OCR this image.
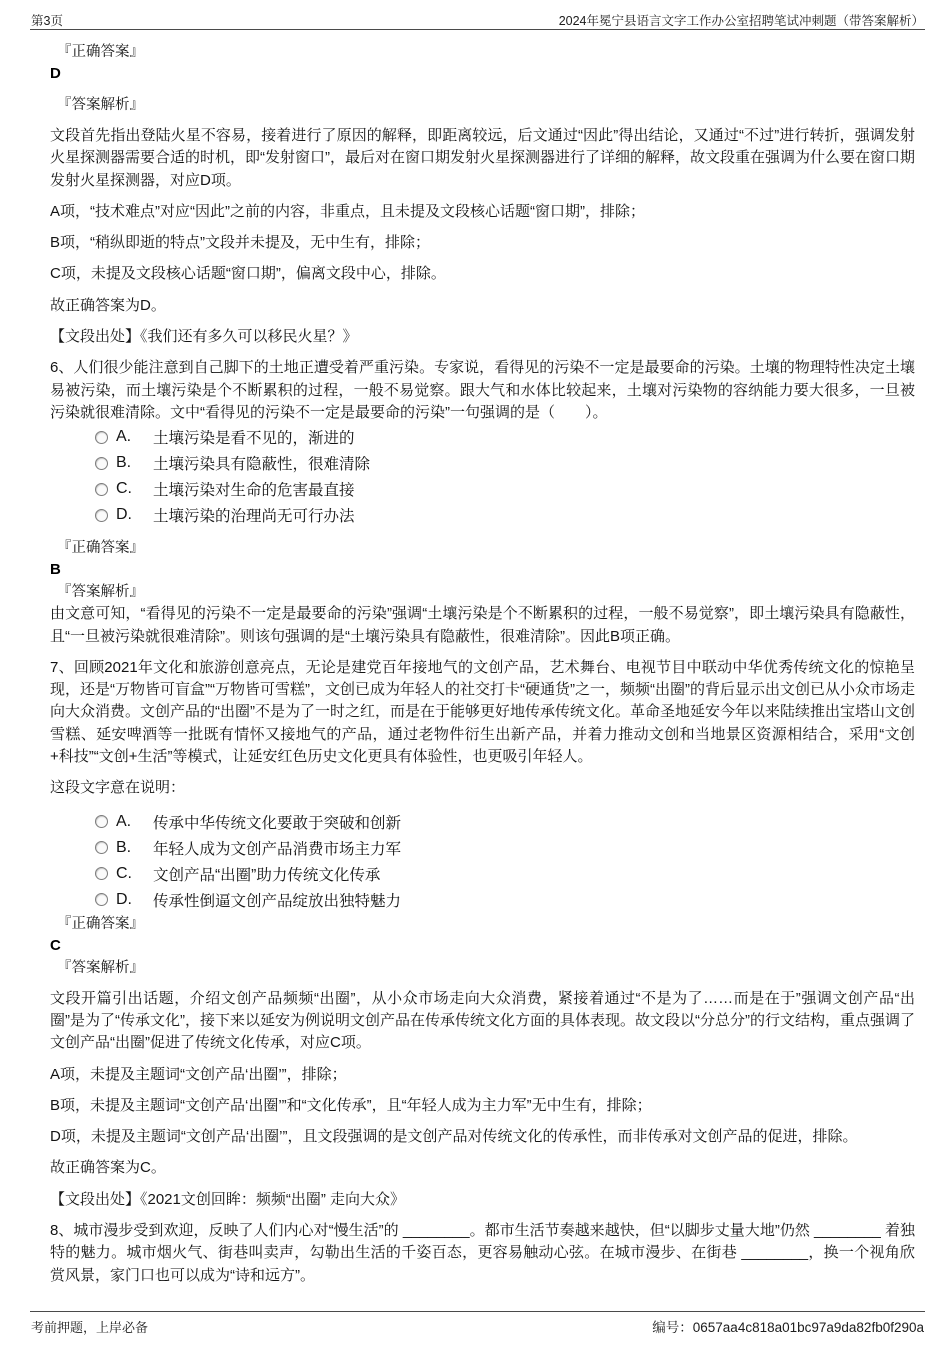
第3页	2024年冕宁县语言文字工作办公室招聘笔试冲刺题（带答案解析）
『正确答案』
D
『答案解析』
文段首先指出登陆火星不容易，接着进行了原因的解释，即距离较远，后文通过“因此”得出结论，又通过“不过”进行转折，强调发射火星探测器需要合适的时机，即“发射窗口”，最后对在窗口期发射火星探测器进行了详细的解释，故文段重在强调为什么要在窗口期发射火星探测器，对应D项。
A项，“技术难点”对应“因此”之前的内容，非重点，且未提及文段核心话题“窗口期”，排除；
B项，“稍纵即逝的特点”文段并未提及，无中生有，排除；
C项，未提及文段核心话题“窗口期”，偏离文段中心，排除。
故正确答案为D。
【文段出处】《我们还有多久可以移民火星？》
6、人们很少能注意到自己脚下的土地正遭受着严重污染。专家说，看得见的污染不一定是最要命的污染。土壤的物理特性决定土壤易被污染，而土壤污染是个不断累积的过程，一般不易觉察。跟大气和水体比较起来，土壤对污染物的容纳能力要大很多，一旦被污染就很难清除。文中“看得见的污染不一定是最要命的污染”一句强调的是（　　）。
A.	土壤污染是看不见的，渐进的
B.	土壤污染具有隐蔽性，很难清除
C.	土壤污染对生命的危害最直接
D.	土壤污染的治理尚无可行办法
『正确答案』
B
『答案解析』
由文意可知，“看得见的污染不一定是最要命的污染”强调“土壤污染是个不断累积的过程，一般不易觉察”，即土壤污染具有隐蔽性，且“一旦被污染就很难清除”。则该句强调的是“土壤污染具有隐蔽性，很难清除”。因此B项正确。
7、回顾2021年文化和旅游创意亮点，无论是建党百年接地气的文创产品，艺术舞台、电视节目中联动中华优秀传统文化的惊艳呈现，还是“万物皆可盲盒”“万物皆可雪糕”，文创已成为年轻人的社交打卡“硬通货”之一，频频“出圈”的背后显示出文创已从小众市场走向大众消费。文创产品的“出圈”不是为了一时之红，而是在于能够更好地传承传统文化。革命圣地延安今年以来陆续推出宝塔山文创雪糕、延安啤酒等一批既有情怀又接地气的产品，通过老物件衍生出新产品，并着力推动文创和当地景区资源相结合，采用“文创+科技”“文创+生活”等模式，让延安红色历史文化更具有体验性，也更吸引年轻人。
这段文字意在说明：
A.	传承中华传统文化要敢于突破和创新
B.	年轻人成为文创产品消费市场主力军
C.	文创产品“出圈”助力传统文化传承
D.	传承性倒逼文创产品绽放出独特魅力
『正确答案』
C
『答案解析』
文段开篇引出话题，介绍文创产品频频“出圈”，从小众市场走向大众消费，紧接着通过“不是为了……而是在于”强调文创产品“出圈”是为了“传承文化”，接下来以延安为例说明文创产品在传承传统文化方面的具体表现。故文段以“分总分”的行文结构，重点强调了文创产品“出圈”促进了传统文化传承，对应C项。
A项，未提及主题词“文创产品‘出圈’”，排除；
B项，未提及主题词“文创产品‘出圈’”和“文化传承”，且“年轻人成为主力军”无中生有，排除；
D项，未提及主题词“文创产品‘出圈’”，且文段强调的是文创产品对传统文化的传承性，而非传承对文创产品的促进，排除。
故正确答案为C。
【文段出处】《2021文创回眸：频频“出圈” 走向大众》
8、城市漫步受到欢迎，反映了人们内心对“慢生活”的 ________。都市生活节奏越来越快，但“以脚步丈量大地”仍然 ________ 着独特的魅力。城市烟火气、街巷叫卖声，勾勒出生活的千姿百态，更容易触动心弦。在城市漫步、在街巷 ________，换一个视角欣赏风景，家门口也可以成为“诗和远方”。
考前押题，上岸必备	编号：0657aa4c818a01bc97a9da82fb0f290a
